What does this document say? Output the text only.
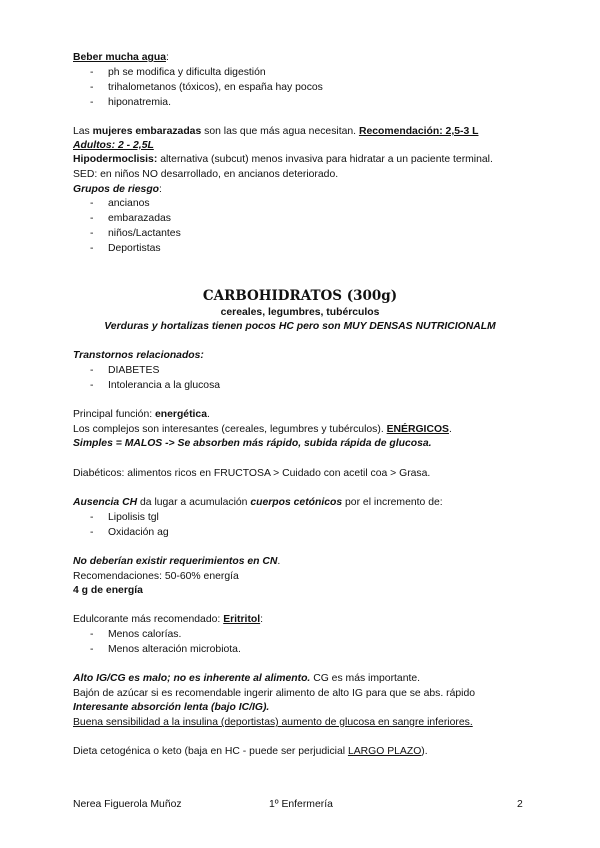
Beber mucha agua:
- ph se modifica y dificulta digestión
- trihalometanos (tóxicos), en españa hay pocos
- hiponatremia.
Las mujeres embarazadas son las que más agua necesitan. Recomendación: 2,5-3 L
Adultos: 2 - 2,5L
Hipodermoclisis: alternativa (subcut) menos invasiva para hidratar a un paciente terminal.
SED: en niños NO desarrollado, en ancianos deteriorado.
Grupos de riesgo:
- ancianos
- embarazadas
- niños/Lactantes
- Deportistas
CARBOHIDRATOS (300g)
cereales, legumbres, tubérculos
Verduras y hortalizas tienen pocos HC pero son MUY DENSAS NUTRICIONALM
Transtornos relacionados:
- DIABETES
- Intolerancia a la glucosa
Principal función: energética.
Los complejos son interesantes (cereales, legumbres y tubérculos). ENÉRGICOS.
Simples = MALOS -> Se absorben más rápido, subida rápida de glucosa.
Diabéticos: alimentos ricos en FRUCTOSA > Cuidado con acetil coa > Grasa.
Ausencia CH da lugar a acumulación cuerpos cetónicos por el incremento de:
- Lipolisis tgl
- Oxidación ag
No deberían existir requerimientos en CN.
Recomendaciones: 50-60% energía
4 g de energía
Edulcorante más recomendado: Eritritol:
- Menos calorías.
- Menos alteración microbiota.
Alto IG/CG es malo; no es inherente al alimento. CG es más importante.
Bajón de azúcar si es recomendable ingerir alimento de alto IG para que se abs. rápido
Interesante absorción lenta (bajo IC/IG).
Buena sensibilidad a la insulina (deportistas) aumento de glucosa en sangre inferiores.
Dieta cetogénica o keto (baja en HC - puede ser perjudicial LARGO PLAZO).
Nerea Figuerola Muñoz	1º Enfermería	2
